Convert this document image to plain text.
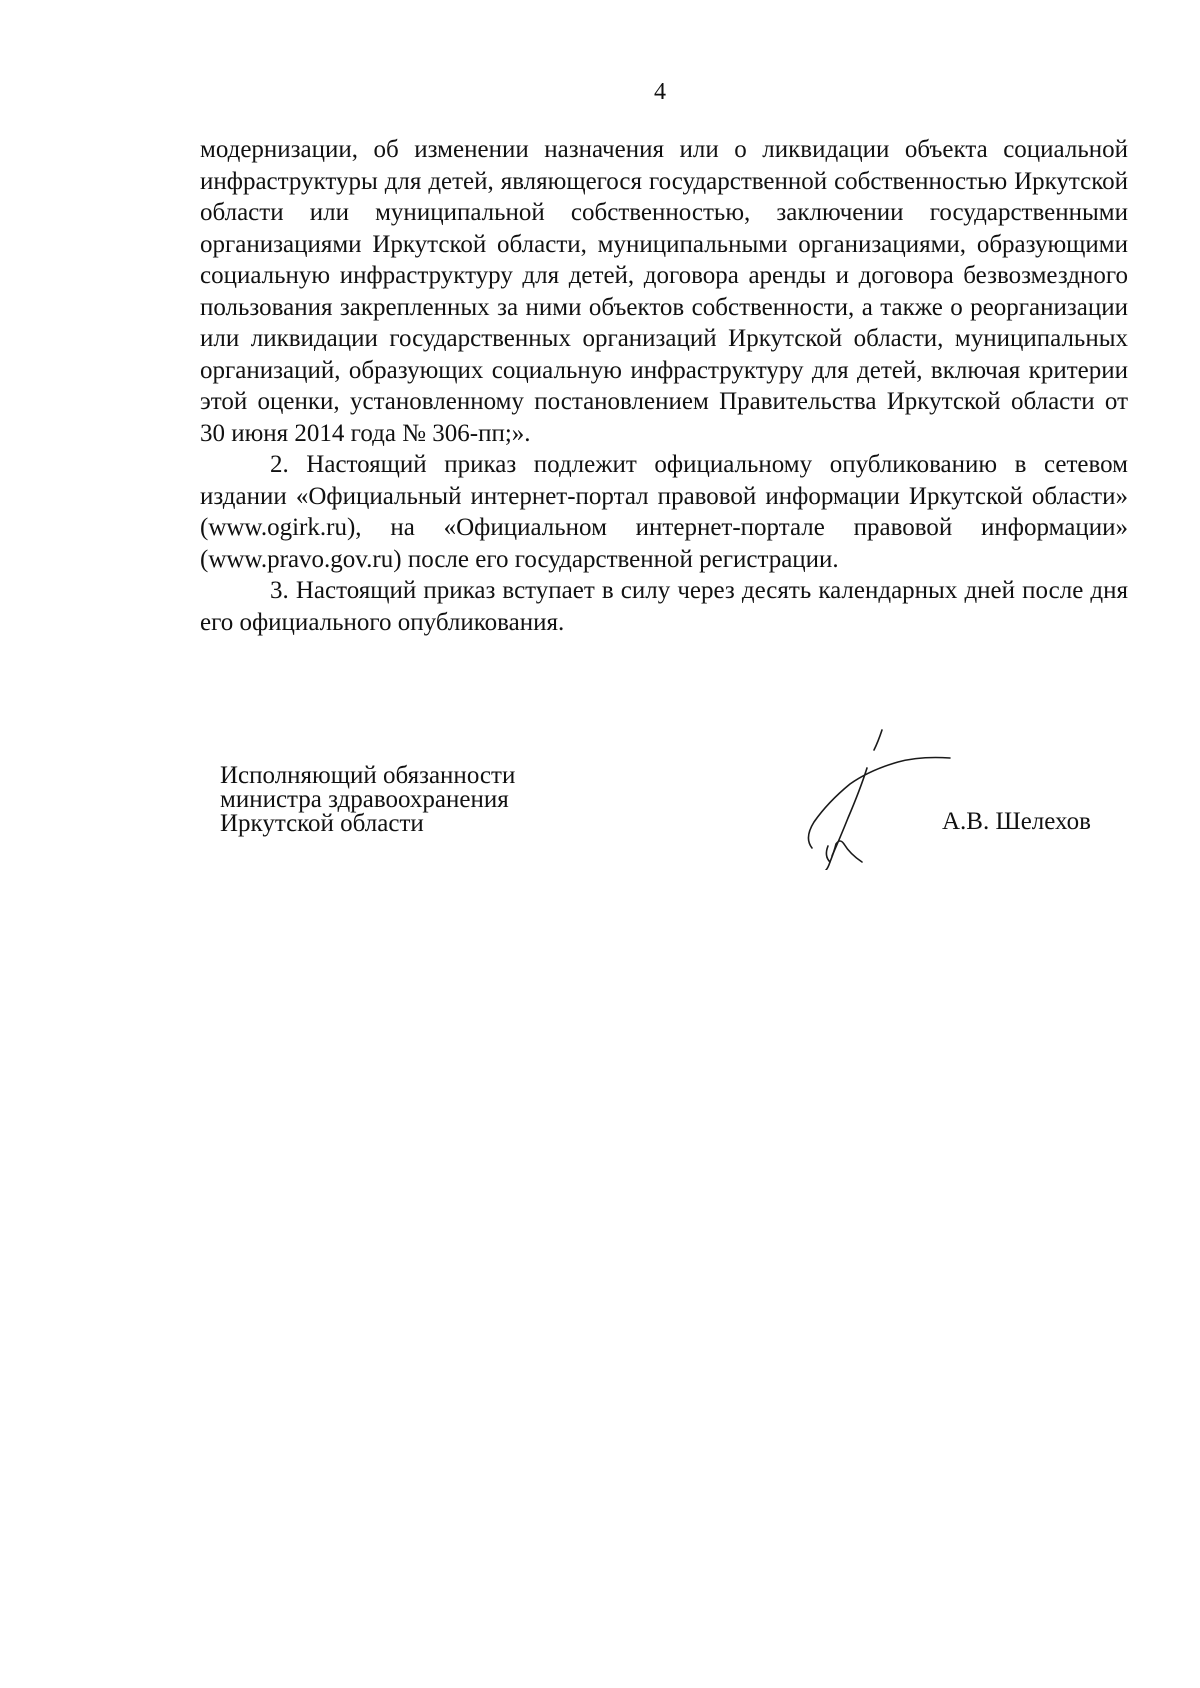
4

модернизации, об изменении назначения или о ликвидации объекта социальной инфраструктуры для детей, являющегося государственной собственностью Иркутской области или муниципальной собственностью, заключении государственными организациями Иркутской области, муниципальными организациями, образующими социальную инфраструктуру для детей, договора аренды и договора безвозмездного пользования закрепленных за ними объектов собственности, а также о реорганизации или ликвидации государственных организаций Иркутской области, муниципальных организаций, образующих социальную инфраструктуру для детей, включая критерии этой оценки, установленному постановлением Правительства Иркутской области от 30 июня 2014 года № 306-пп;».

2. Настоящий приказ подлежит официальному опубликованию в сетевом издании «Официальный интернет-портал правовой информации Иркутской области» (www.ogirk.ru), на «Официальном интернет-портале правовой информации» (www.pravo.gov.ru) после его государственной регистрации.

3. Настоящий приказ вступает в силу через десять календарных дней после дня его официального опубликования.

Исполняющий обязанности
министра здравоохранения
Иркутской области	А.В. Шелехов
